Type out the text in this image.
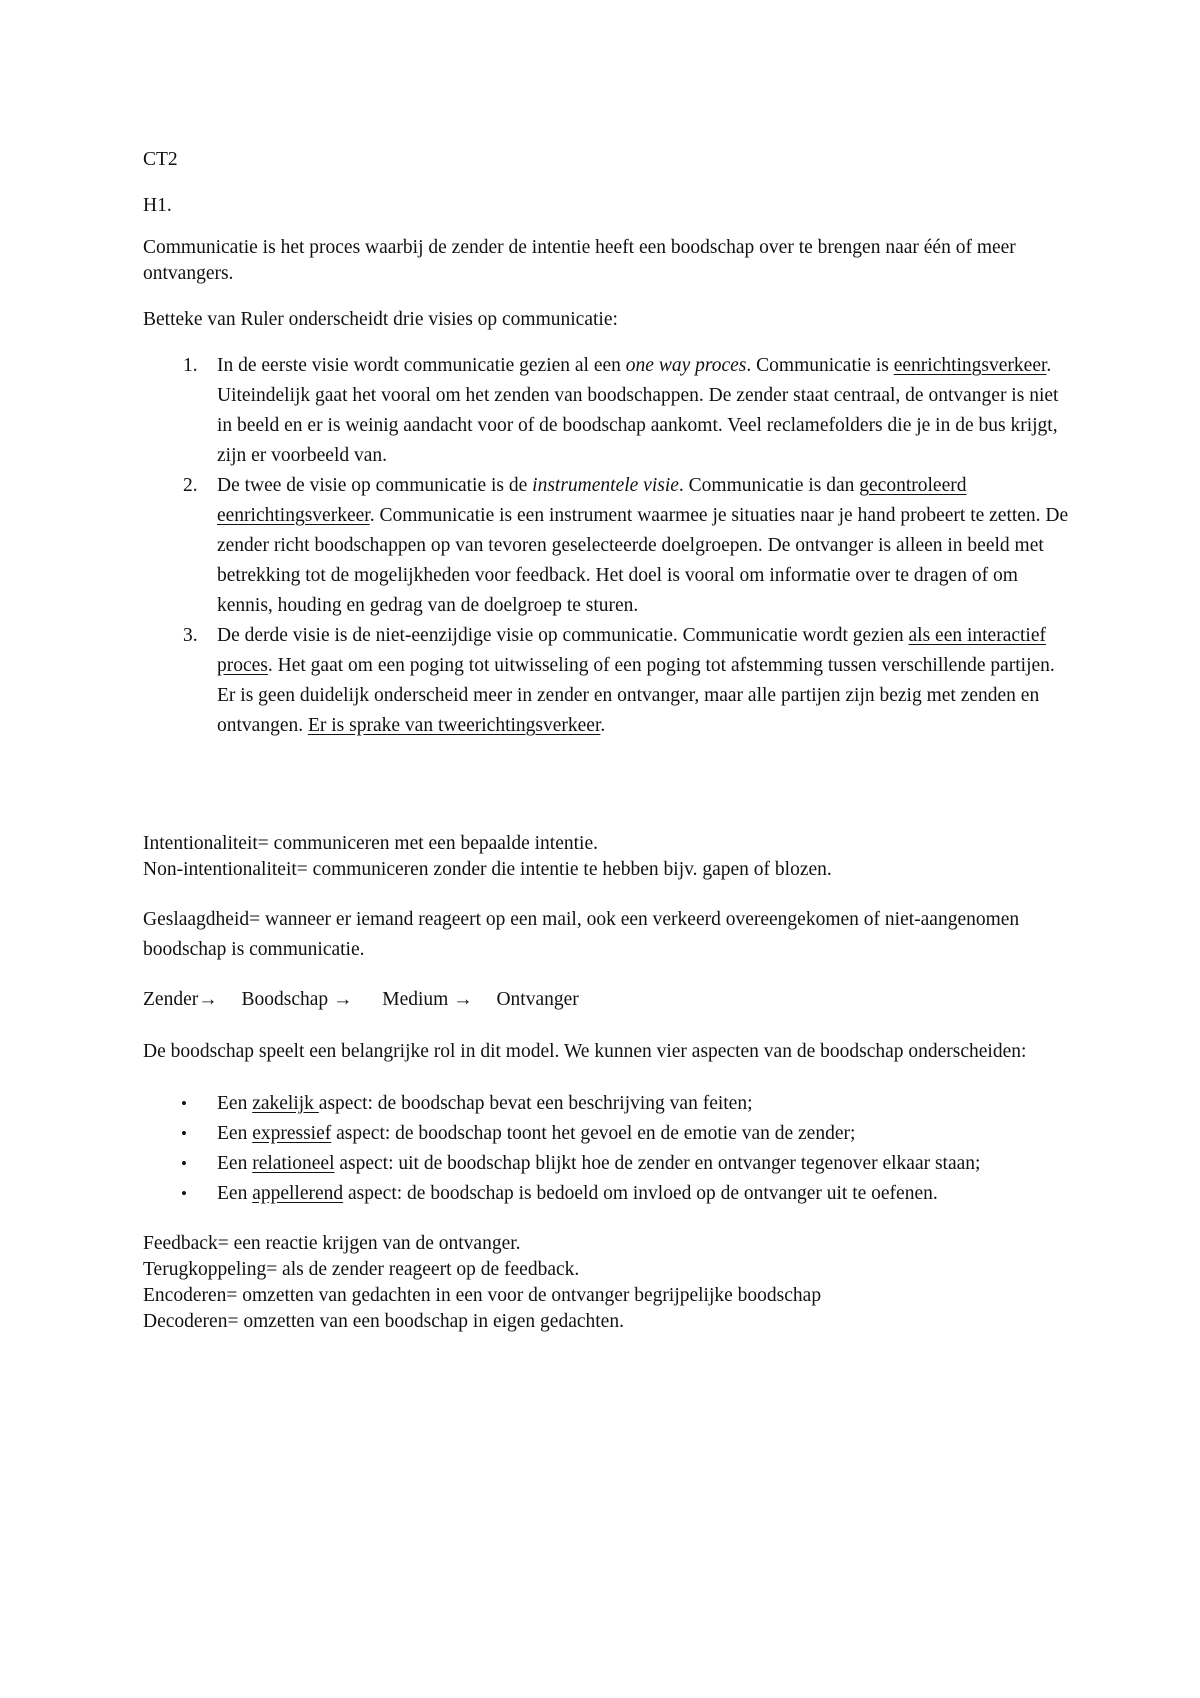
CT2

H1.

Communicatie is het proces waarbij de zender de intentie heeft een boodschap over te brengen naar één of meer ontvangers.

Betteke van Ruler onderscheidt drie visies op communicatie:

1. In de eerste visie wordt communicatie gezien al een one way proces. Communicatie is eenrichtingsverkeer. Uiteindelijk gaat het vooral om het zenden van boodschappen. De zender staat centraal, de ontvanger is niet in beeld en er is weinig aandacht voor of de boodschap aankomt. Veel reclamefolders die je in de bus krijgt, zijn er voorbeeld van.
2. De twee de visie op communicatie is de instrumentele visie. Communicatie is dan gecontroleerd eenrichtingsverkeer. Communicatie is een instrument waarmee je situaties naar je hand probeert te zetten. De zender richt boodschappen op van tevoren geselecteerde doelgroepen. De ontvanger is alleen in beeld met betrekking tot de mogelijkheden voor feedback. Het doel is vooral om informatie over te dragen of om kennis, houding en gedrag van de doelgroep te sturen.
3. De derde visie is de niet-eenzijdige visie op communicatie. Communicatie wordt gezien als een interactief proces. Het gaat om een poging tot uitwisseling of een poging tot afstemming tussen verschillende partijen. Er is geen duidelijk onderscheid meer in zender en ontvanger, maar alle partijen zijn bezig met zenden en ontvangen. Er is sprake van tweerichtingsverkeer.

Intentionaliteit= communiceren met een bepaalde intentie.

Non-intentionaliteit= communiceren zonder die intentie te hebben bijv. gapen of blozen.

Geslaagdheid= wanneer er iemand reageert op een mail, ook een verkeerd overeengekomen of niet-aangenomen boodschap is communicatie.

Zender→ Boodschap → Medium → Ontvanger

De boodschap speelt een belangrijke rol in dit model. We kunnen vier aspecten van de boodschap onderscheiden:

• Een zakelijk aspect: de boodschap bevat een beschrijving van feiten;
• Een expressief aspect: de boodschap toont het gevoel en de emotie van de zender;
• Een relationeel aspect: uit de boodschap blijkt hoe de zender en ontvanger tegenover elkaar staan;
• Een appellerend aspect: de boodschap is bedoeld om invloed op de ontvanger uit te oefenen.

Feedback= een reactie krijgen van de ontvanger.

Terugkoppeling= als de zender reageert op de feedback.

Encoderen= omzetten van gedachten in een voor de ontvanger begrijpelijke boodschap

Decoderen= omzetten van een boodschap in eigen gedachten.
